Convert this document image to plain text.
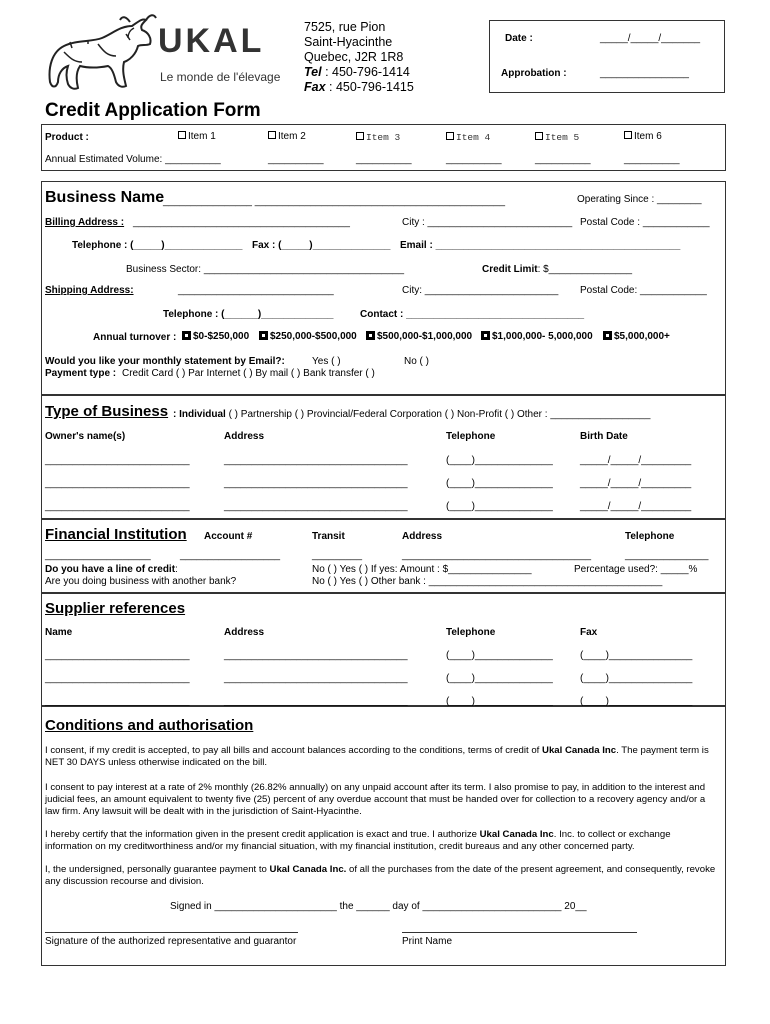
UKAL
Le monde de l'élevage
7525, rue Pion
Saint-Hyacinthe
Quebec, J2R 1R8
Tel : 450-796-1414
Fax : 450-796-1415
Date :	_____/_____/_______
Approbation :	________________
Credit Application Form
Product :	Item 1	Item 2	Item 3	Item 4	Item 5	Item 6
Annual Estimated Volume: __________	__________	__________	__________	__________	__________
Business Name
________________ _____________________________________________	Operating Since : ________
Billing Address : _______________________________________	City : __________________________ Postal Code : ____________
Telephone : (_____)______________ Fax : (_____)______________ Email : ____________________________________________
Business Sector: ____________________________________	Credit Limit: $_______________
Shipping Address:	____________________________	City: ________________________ Postal Code: ____________
Telephone : (______)_____________	Contact : ________________________________
Annual turnover :	$0-$250,000	$250,000-$500,000	$500,000-$1,000,000	$1,000,000- 5,000,000	$5,000,000+
Would you like your monthly statement by Email?:	Yes ( )	No ( )
Payment type : Credit Card ( ) Par Internet ( ) By mail ( ) Bank transfer ( )
Type of Business : Individual ( ) Partnership ( ) Provincial/Federal Corporation ( ) Non-Profit ( ) Other : __________________
Owner's name(s)	Address	Telephone	Birth Date
__________________________	_________________________________	(____)______________	_____/_____/_________
__________________________	_________________________________	(____)______________	_____/_____/_________
__________________________	_________________________________	(____)______________	_____/_____/_________
Financial Institution Account #	Transit	Address	Telephone
___________________	__________________	_________	__________________________________	_______________
Do you have a line of credit:	No ( ) Yes ( ) If yes: Amount : $_______________	Percentage used?: _____%
Are you doing business with another bank?	No ( ) Yes ( ) Other bank : __________________________________________
Supplier references
Name	Address	Telephone	Fax
__________________________	_________________________________	(____)______________	(____)_______________
__________________________	_________________________________	(____)______________	(____)_______________
__________________________	_________________________________	(____)______________	(____)_______________
Conditions and authorisation
I consent, if my credit is accepted, to pay all bills and account balances according to the conditions, terms of credit of Ukal Canada Inc. The payment term is NET 30 DAYS unless otherwise indicated on the bill.
I consent to pay interest at a rate of 2% monthly (26.82% annually) on any unpaid account after its term. I also promise to pay, in addition to the interest and judicial fees, an amount equivalent to twenty five (25) percent of any overdue account that must be handed over for collection to a recovery agency and/or a law firm. Any lawsuit will be dealt with in the jurisdiction of Saint-Hyacinthe.
I hereby certify that the information given in the present credit application is exact and true. I authorize Ukal Canada Inc. Inc. to collect or exchange information on my creditworthiness and/or my financial situation, with my financial institution, credit bureaus and any other concerned party.
I, the undersigned, personally guarantee payment to Ukal Canada Inc. of all the purchases from the date of the present agreement, and consequently, revoke any discussion recourse and division.
Signed in ______________________ the ______ day of _________________________ 20__
Signature of the authorized representative and guarantor	Print Name
